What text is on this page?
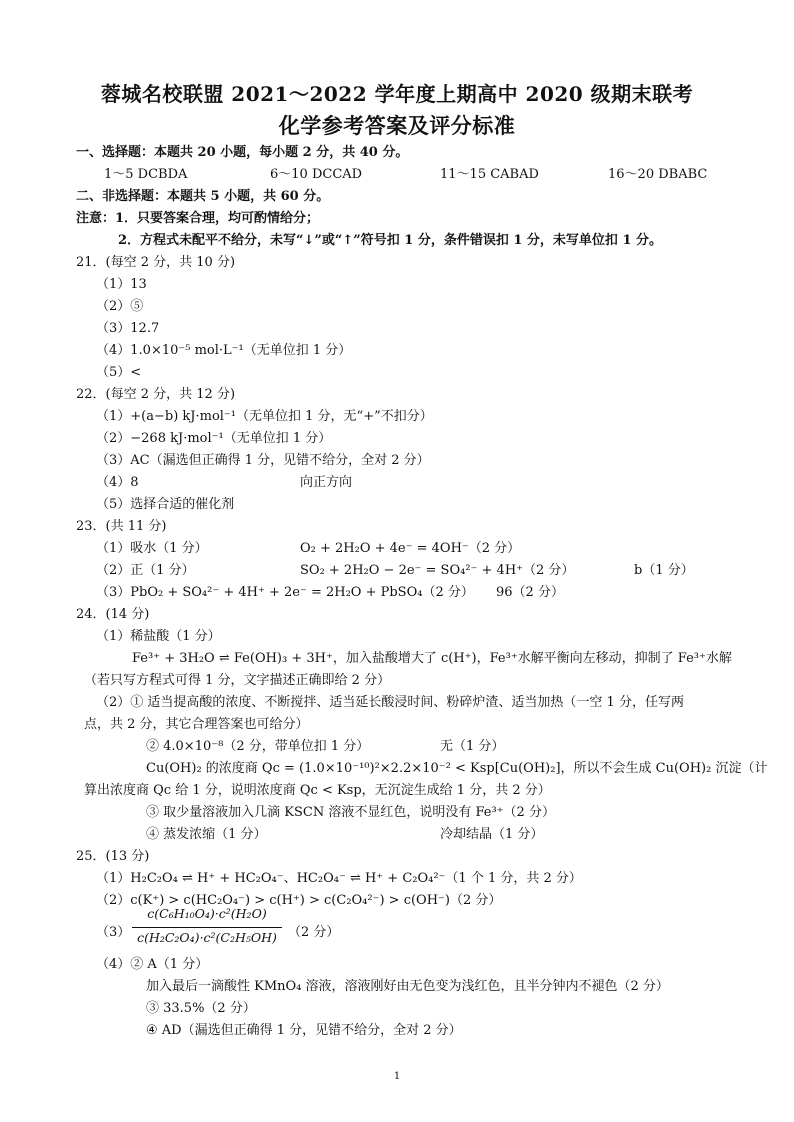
蓉城名校联盟 2021～2022 学年度上期高中 2020 级期末联考
化学参考答案及评分标准
一、选择题：本题共 20 小题，每小题 2 分，共 40 分。
1～5 DCBDA	6～10 DCCAD	11～15 CABAD	16～20 DBABC
二、非选择题：本题共 5 小题，共 60 分。
注意：1．只要答案合理，均可酌情给分；
2．方程式未配平不给分，未写“↓”或“↑”符号扣 1 分，条件错误扣 1 分，未写单位扣 1 分。
21．(每空 2 分，共 10 分)
（1）13
（2）⑤
（3）12.7
（4）1.0×10⁻⁵ mol·L⁻¹（无单位扣 1 分）
（5）<
22．(每空 2 分，共 12 分)
（1）+(a−b) kJ·mol⁻¹（无单位扣 1 分，无“+”不扣分）
（2）−268 kJ·mol⁻¹（无单位扣 1 分）
（3）AC（漏选但正确得 1 分，见错不给分，全对 2 分）
（4）8	向正方向
（5）选择合适的催化剂
23．(共 11 分)
（1）吸水（1 分）	O₂ + 2H₂O + 4e⁻ = 4OH⁻（2 分）
（2）正（1 分）	SO₂ + 2H₂O − 2e⁻ = SO₄²⁻ + 4H⁺（2 分）	b（1 分）
（3）PbO₂ + SO₄²⁻ + 4H⁺ + 2e⁻ = 2H₂O + PbSO₄（2 分） 96（2 分）
24．(14 分)
（1）稀盐酸（1 分）
Fe³⁺ + 3H₂O ⇌ Fe(OH)₃ + 3H⁺，加入盐酸增大了 c(H⁺)，Fe³⁺水解平衡向左移动，抑制了 Fe³⁺水解
（若只写方程式可得 1 分，文字描述正确即给 2 分）
（2）① 适当提高酸的浓度、不断搅拌、适当延长酸浸时间、粉碎炉渣、适当加热（一空 1 分，任写两
点，共 2 分，其它合理答案也可给分）
② 4.0×10⁻⁸（2 分，带单位扣 1 分）	无（1 分）
Cu(OH)₂ 的浓度商 Qc = (1.0×10⁻¹⁰)²×2.2×10⁻² < Ksp[Cu(OH)₂]，所以不会生成 Cu(OH)₂ 沉淀（计
算出浓度商 Qc 给 1 分，说明浓度商 Qc < Ksp，无沉淀生成给 1 分，共 2 分）
③ 取少量溶液加入几滴 KSCN 溶液不显红色，说明没有 Fe³⁺（2 分）
④ 蒸发浓缩（1 分）	冷却结晶（1 分）
25．(13 分)
（1）H₂C₂O₄ ⇌ H⁺ + HC₂O₄⁻、HC₂O₄⁻ ⇌ H⁺ + C₂O₄²⁻（1 个 1 分，共 2 分）
（2）c(K⁺) > c(HC₂O₄⁻) > c(H⁺) > c(C₂O₄²⁻) > c(OH⁻)（2 分）
（3）
c(C₆H₁₀O₄)·c²(H₂O)
c(H₂C₂O₄)·c²(C₂H₅OH) （2 分）
（4）② A（1 分）
加入最后一滴酸性 KMnO₄ 溶液，溶液刚好由无色变为浅红色，且半分钟内不褪色（2 分）
③ 33.5%（2 分）
④ AD（漏选但正确得 1 分，见错不给分，全对 2 分）
1
